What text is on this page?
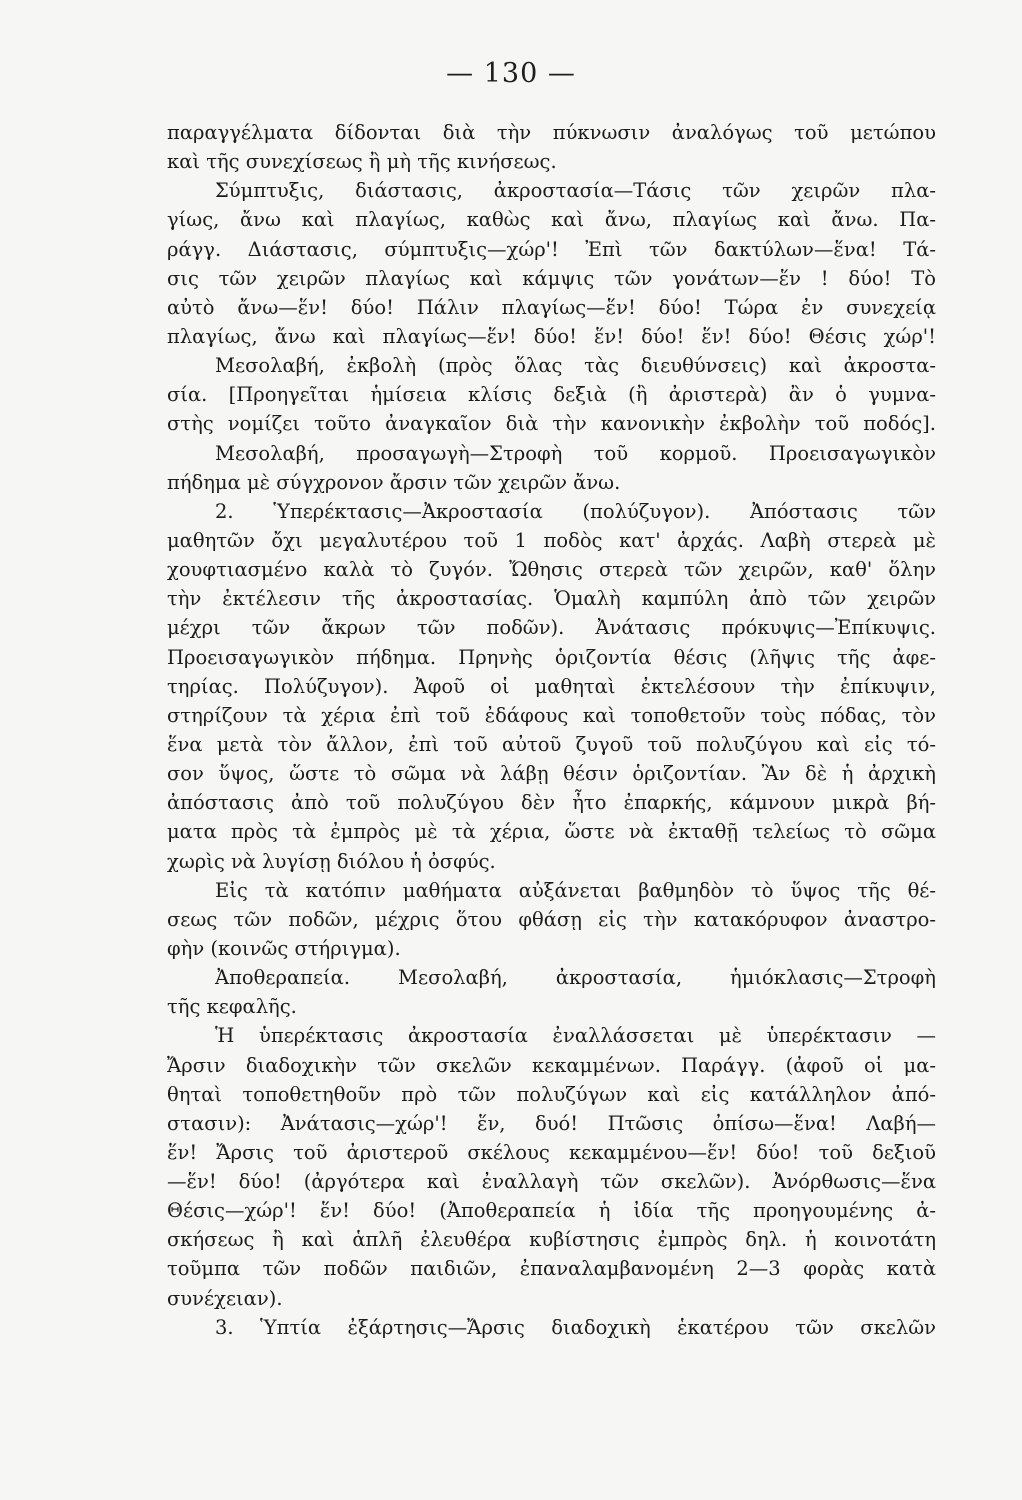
— 130 —
παραγγέλματα δίδονται διὰ τὴν πύκνωσιν ἀναλόγως τοῦ μετώπου
καὶ τῆς συνεχίσεως ἢ μὴ τῆς κινήσεως.
Σύμπτυξις, διάστασις, ἀκροστασία—Τάσις τῶν χειρῶν πλα-
γίως, ἄνω καὶ πλαγίως, καθὼς καὶ ἄνω, πλαγίως καὶ ἄνω. Πα-
ράγγ. Διάστασις, σύμπτυξις—χώρ'! Ἐπὶ τῶν δακτύλων—ἕνα! Τά-
σις τῶν χειρῶν πλαγίως καὶ κάμψις τῶν γονάτων—ἕν ! δύο! Τὸ
αὐτὸ ἄνω—ἕν! δύο! Πάλιν πλαγίως—ἕν! δύο! Τώρα ἐν συνεχείᾳ
πλαγίως, ἄνω καὶ πλαγίως—ἕν! δύο! ἕν! δύο! ἕν! δύο! Θέσις χώρ'!
Μεσολαβή, ἐκβολὴ (πρὸς ὅλας τὰς διευθύνσεις) καὶ ἀκροστα-
σία. [Προηγεῖται ἡμίσεια κλίσις δεξιὰ (ἢ ἀριστερὰ) ἂν ὁ γυμνα-
στὴς νομίζει τοῦτο ἀναγκαῖον διὰ τὴν κανονικὴν ἐκβολὴν τοῦ ποδός].
Μεσολαβή, προσαγωγὴ—Στροφὴ τοῦ κορμοῦ. Προεισαγωγικὸν
πήδημα μὲ σύγχρονον ἄρσιν τῶν χειρῶν ἄνω.
2. Ὑπερέκτασις—Ἀκροστασία (πολύζυγον). Ἀπόστασις τῶν
μαθητῶν ὄχι μεγαλυτέρου τοῦ 1 ποδὸς κατ' ἀρχάς. Λαβὴ στερεὰ μὲ
χουφτιασμένο καλὰ τὸ ζυγόν. Ὤθησις στερεὰ τῶν χειρῶν, καθ' ὅλην
τὴν ἐκτέλεσιν τῆς ἀκροστασίας. Ὁμαλὴ καμπύλη ἀπὸ τῶν χειρῶν
μέχρι τῶν ἄκρων τῶν ποδῶν). Ἀνάτασις πρόκυψις—Ἐπίκυψις.
Προεισαγωγικὸν πήδημα. Πρηνὴς ὁριζοντία θέσις (λῆψις τῆς ἀφε-
τηρίας. Πολύζυγον). Ἀφοῦ οἱ μαθηταὶ ἐκτελέσουν τὴν ἐπίκυψιν,
στηρίζουν τὰ χέρια ἐπὶ τοῦ ἐδάφους καὶ τοποθετοῦν τοὺς πόδας, τὸν
ἕνα μετὰ τὸν ἄλλον, ἐπὶ τοῦ αὐτοῦ ζυγοῦ τοῦ πολυζύγου καὶ εἰς τό-
σον ὕψος, ὥστε τὸ σῶμα νὰ λάβῃ θέσιν ὁριζοντίαν. Ἂν δὲ ἡ ἀρχικὴ
ἀπόστασις ἀπὸ τοῦ πολυζύγου δὲν ἦτο ἐπαρκής, κάμνουν μικρὰ βή-
ματα πρὸς τὰ ἐμπρὸς μὲ τὰ χέρια, ὥστε νὰ ἐκταθῇ τελείως τὸ σῶμα
χωρὶς νὰ λυγίσῃ διόλου ἡ ὀσφύς.
Εἰς τὰ κατόπιν μαθήματα αὐξάνεται βαθμηδὸν τὸ ὕψος τῆς θέ-
σεως τῶν ποδῶν, μέχρις ὅτου φθάσῃ εἰς τὴν κατακόρυφον ἀναστρο-
φὴν (κοινῶς στήριγμα).
Ἀποθεραπεία. Μεσολαβή, ἀκροστασία, ἡμιόκλασις—Στροφὴ
τῆς κεφαλῆς.
Ἡ ὑπερέκτασις ἀκροστασία ἐναλλάσσεται μὲ ὑπερέκτασιν —
Ἄρσιν διαδοχικὴν τῶν σκελῶν κεκαμμένων. Παράγγ. (ἀφοῦ οἱ μα-
θηταὶ τοποθετηθοῦν πρὸ τῶν πολυζύγων καὶ εἰς κατάλληλον ἀπό-
στασιν): Ἀνάτασις—χώρ'! ἕν, δυό! Πτῶσις ὀπίσω—ἕνα! Λαβή—
ἕν! Ἄρσις τοῦ ἀριστεροῦ σκέλους κεκαμμένου—ἕν! δύο! τοῦ δεξιοῦ
—ἕν! δύο! (ἀργότερα καὶ ἐναλλαγὴ τῶν σκελῶν). Ἀνόρθωσις—ἕνα
Θέσις—χώρ'! ἕν! δύο! (Ἀποθεραπεία ἡ ἰδία τῆς προηγουμένης ἀ-
σκήσεως ἢ καὶ ἁπλῆ ἐλευθέρα κυβίστησις ἐμπρὸς δηλ. ἡ κοινοτάτη
τοῦμπα τῶν ποδῶν παιδιῶν, ἐπαναλαμβανομένη 2—3 φορὰς κατὰ
συνέχειαν).
3. Ὑπτία ἐξάρτησις—Ἄρσις διαδοχικὴ ἑκατέρου τῶν σκελῶν
